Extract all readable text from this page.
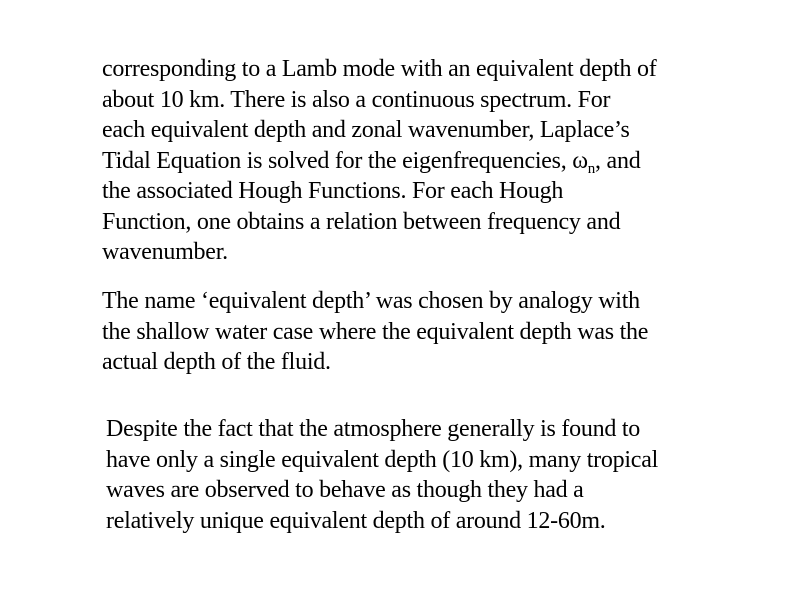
corresponding to a Lamb mode with an equivalent depth of
about 10 km. There is also a continuous spectrum. For
each equivalent depth and zonal wavenumber, Laplace’s
Tidal Equation is solved for the eigenfrequencies, $\omega_n$, and
the associated Hough Functions. For each Hough
Function, one obtains a relation between frequency and
wavenumber.

The name ‘equivalent depth’ was chosen by analogy with
the shallow water case where the equivalent depth was the
actual depth of the fluid.

Despite the fact that the atmosphere generally is found to
have only a single equivalent depth (10 km), many tropical
waves are observed to behave as though they had a
relatively unique equivalent depth of around 12-60m.
